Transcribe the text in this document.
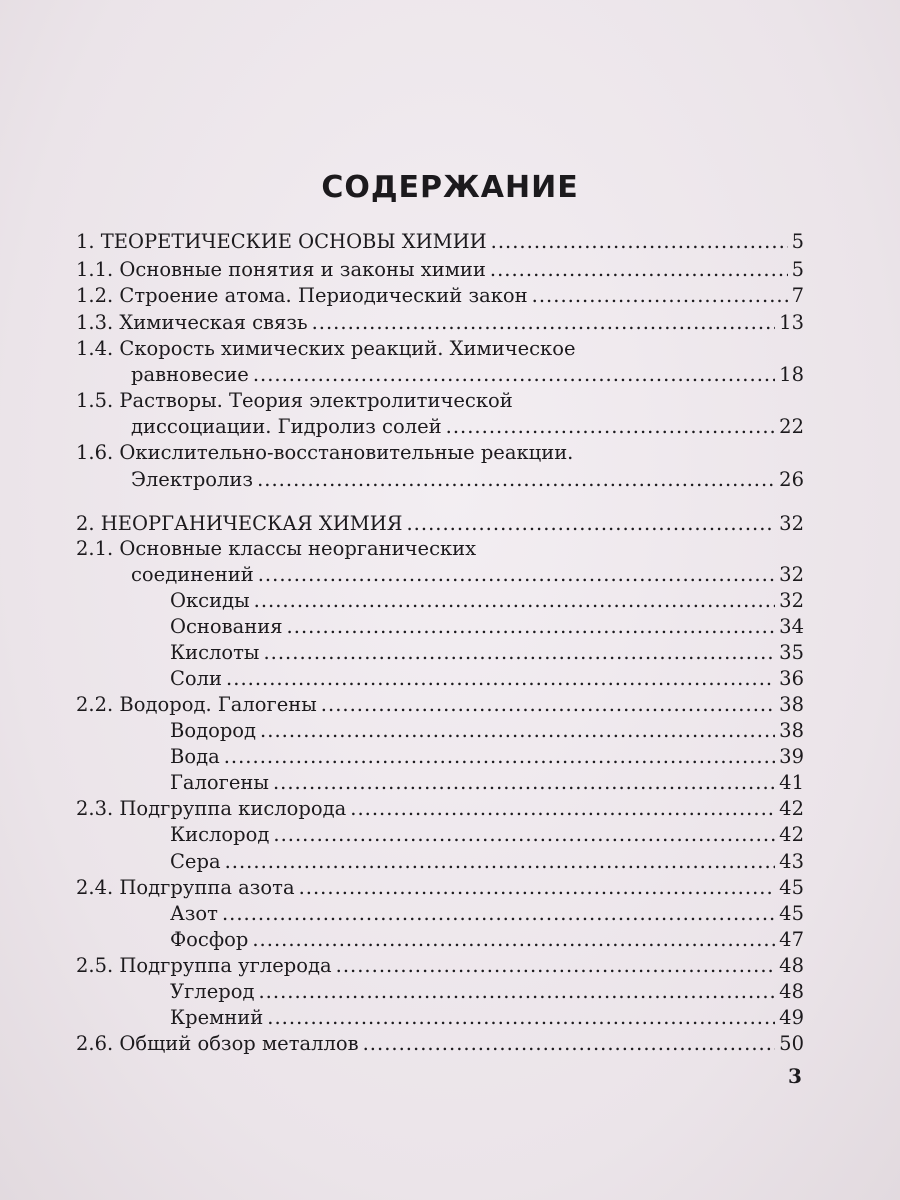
СОДЕРЖАНИЕ
1. ТЕОРЕТИЧЕСКИЕ ОСНОВЫ ХИМИИ .....	5
1.1. Основные понятия и законы химии .....	5
1.2. Строение атома. Периодический закон .....	7
1.3. Химическая связь .....	13
1.4. Скорость химических реакций. Химическое
равновесие .....	18
1.5. Растворы. Теория электролитической
диссоциации. Гидролиз солей .....	22
1.6. Окислительно-восстановительные реакции.
Электролиз .....	26
2. НЕОРГАНИЧЕСКАЯ ХИМИЯ .....	32
2.1. Основные классы неорганических
соединений .....	32
Оксиды .....	32
Основания .....	34
Кислоты .....	35
Соли .....	36
2.2. Водород. Галогены .....	38
Водород .....	38
Вода .....	39
Галогены .....	41
2.3. Подгруппа кислорода .....	42
Кислород .....	42
Сера .....	43
2.4. Подгруппа азота .....	45
Азот .....	45
Фосфор .....	47
2.5. Подгруппа углерода .....	48
Углерод .....	48
Кремний .....	49
2.6. Общий обзор металлов .....	50
3
